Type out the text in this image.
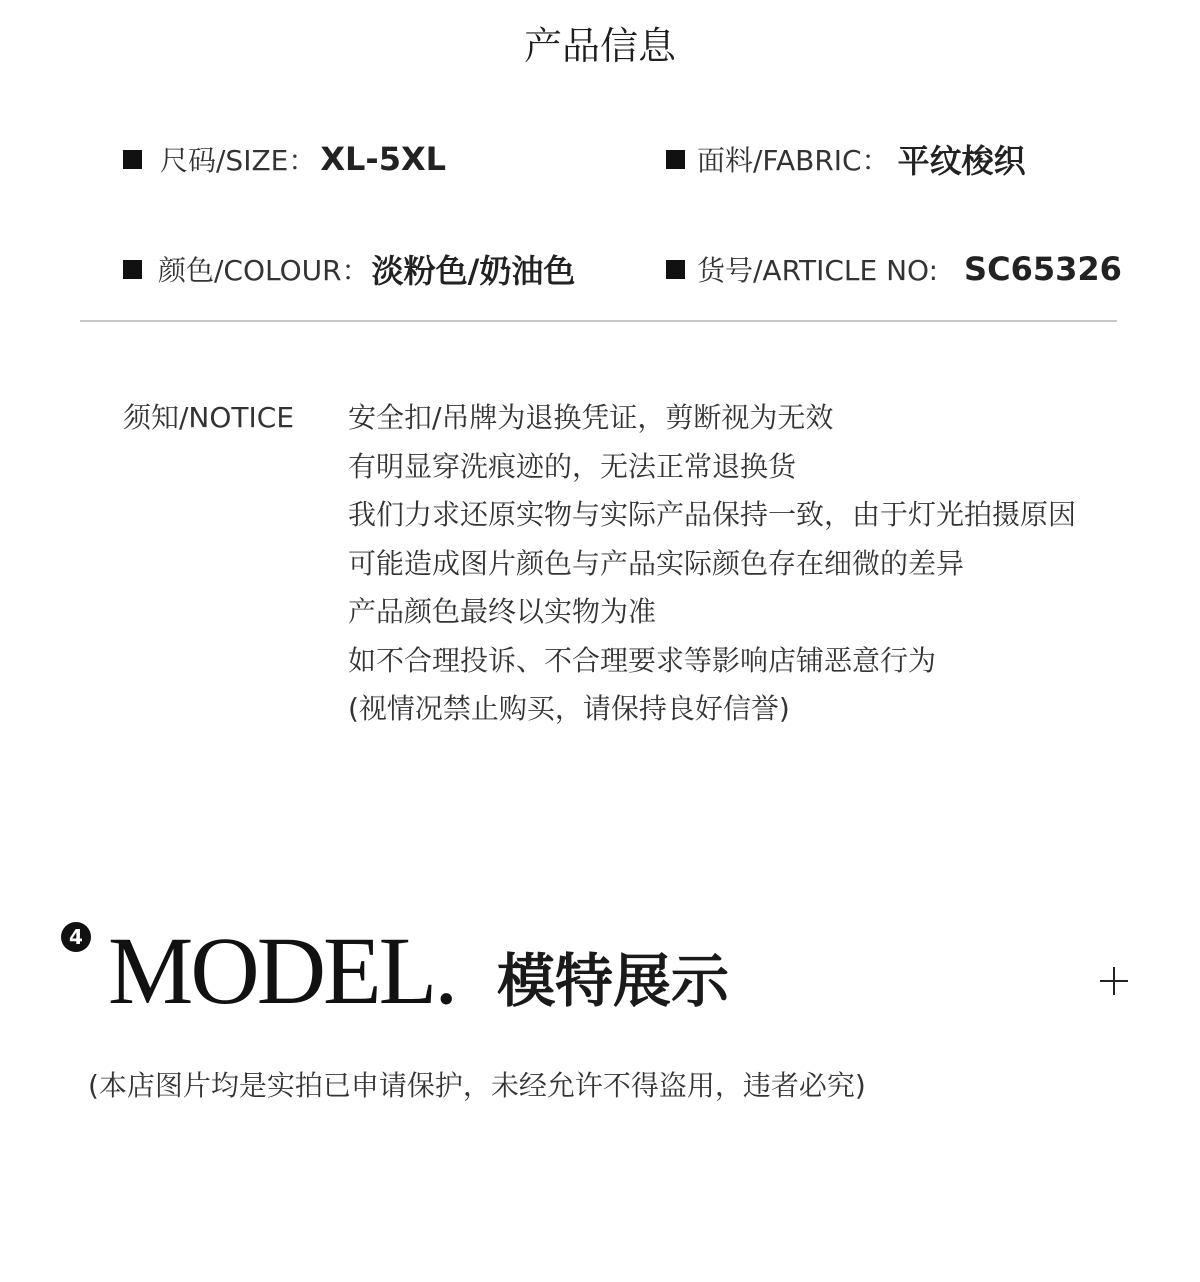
产品信息
尺码/SIZE： XL-5XL	面料/FABRIC： 平纹梭织
颜色/COLOUR： 淡粉色/奶油色	货号/ARTICLE NO: SC65326
须知/NOTICE 安全扣/吊牌为退换凭证，剪断视为无效
有明显穿洗痕迹的，无法正常退换货
我们力求还原实物与实际产品保持一致，由于灯光拍摄原因
可能造成图片颜色与产品实际颜色存在细微的差异
产品颜色最终以实物为准
如不合理投诉、不合理要求等影响店铺恶意行为
(视情况禁止购买，请保持良好信誉)
4 MODEL. 模特展示
(本店图片均是实拍已申请保护，未经允许不得盗用，违者必究)
